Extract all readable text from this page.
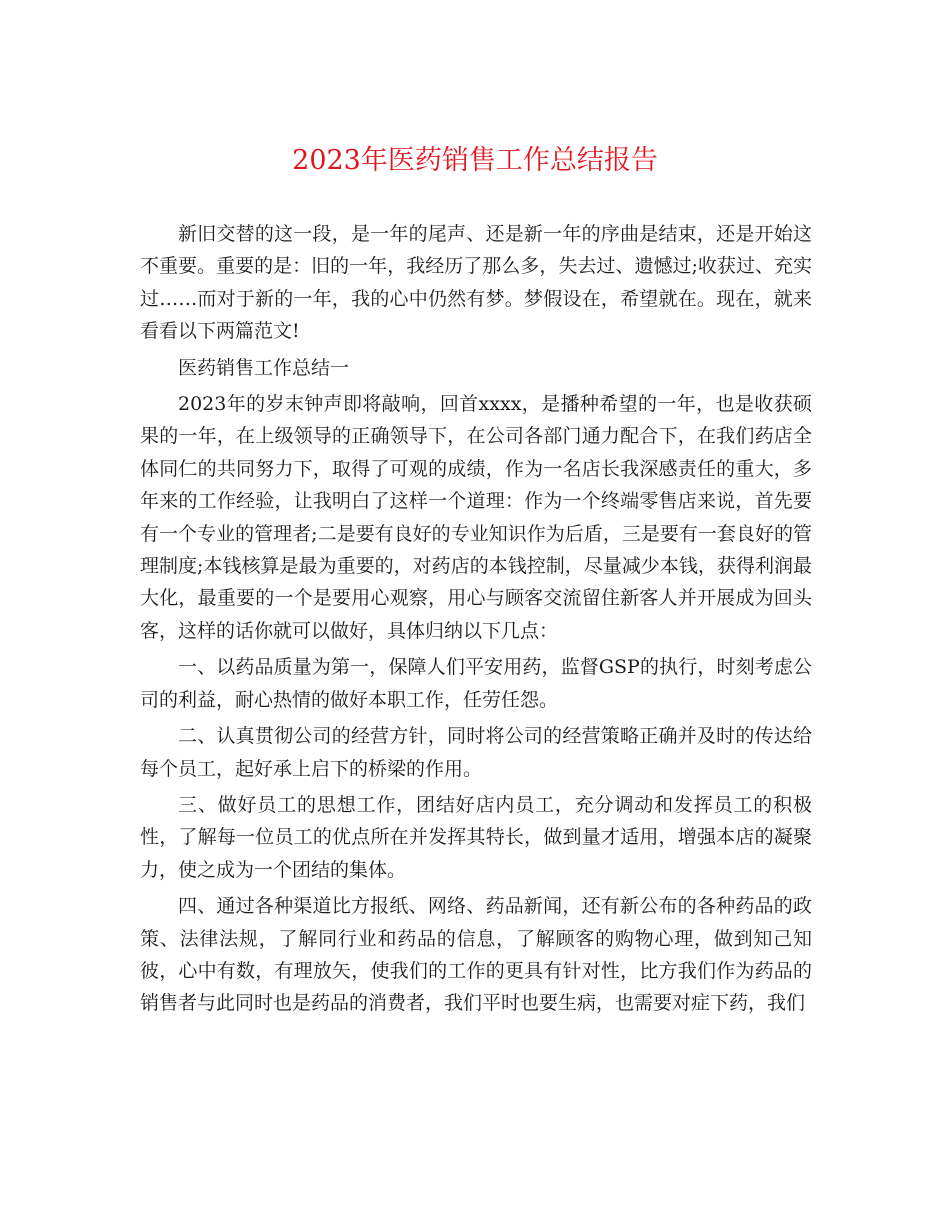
2023年医药销售工作总结报告

新旧交替的这一段，是一年的尾声、还是新一年的序曲是结束，还是开始这不重要。重要的是：旧的一年，我经历了那么多，失去过、遗憾过;收获过、充实过……而对于新的一年，我的心中仍然有梦。梦假设在，希望就在。现在，就来看看以下两篇范文!

医药销售工作总结一

2023年的岁末钟声即将敲响，回首xxxx，是播种希望的一年，也是收获硕果的一年，在上级领导的正确领导下，在公司各部门通力配合下，在我们药店全体同仁的共同努力下，取得了可观的成绩，作为一名店长我深感责任的重大，多年来的工作经验，让我明白了这样一个道理：作为一个终端零售店来说，首先要有一个专业的管理者;二是要有良好的专业知识作为后盾，三是要有一套良好的管理制度;本钱核算是最为重要的，对药店的本钱控制，尽量减少本钱，获得利润最大化，最重要的一个是要用心观察，用心与顾客交流留住新客人并开展成为回头客，这样的话你就可以做好，具体归纳以下几点：

一、以药品质量为第一，保障人们平安用药，监督GSP的执行，时刻考虑公司的利益，耐心热情的做好本职工作，任劳任怨。

二、认真贯彻公司的经营方针，同时将公司的经营策略正确并及时的传达给每个员工，起好承上启下的桥梁的作用。

三、做好员工的思想工作，团结好店内员工，充分调动和发挥员工的积极性，了解每一位员工的优点所在并发挥其特长，做到量才适用，增强本店的凝聚力，使之成为一个团结的集体。

四、通过各种渠道比方报纸、网络、药品新闻，还有新公布的各种药品的政策、法律法规，了解同行业和药品的信息，了解顾客的购物心理，做到知己知彼，心中有数，有理放矢，使我们的工作的更具有针对性，比方我们作为药品的销售者与此同时也是药品的消费者，我们平时也要生病，也需要对症下药，我们
